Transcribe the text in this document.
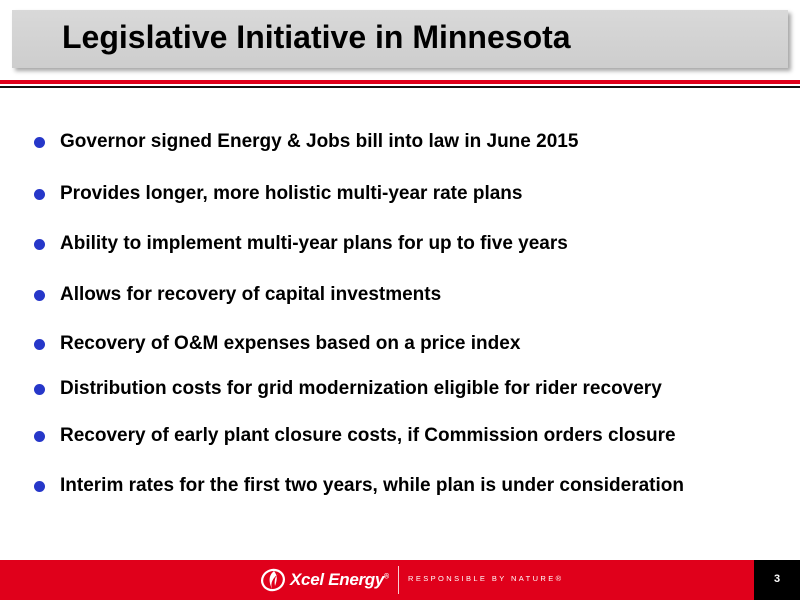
Legislative Initiative in Minnesota
Governor signed Energy & Jobs bill into law in June 2015
Provides longer, more holistic multi-year rate plans
Ability to implement multi-year plans for up to five years
Allows for recovery of capital investments
Recovery of O&M expenses based on a price index
Distribution costs for grid modernization eligible for rider recovery
Recovery of early plant closure costs, if Commission orders closure
Interim rates for the first two years, while plan is under consideration
Xcel Energy®	RESPONSIBLE BY NATURE®	3
